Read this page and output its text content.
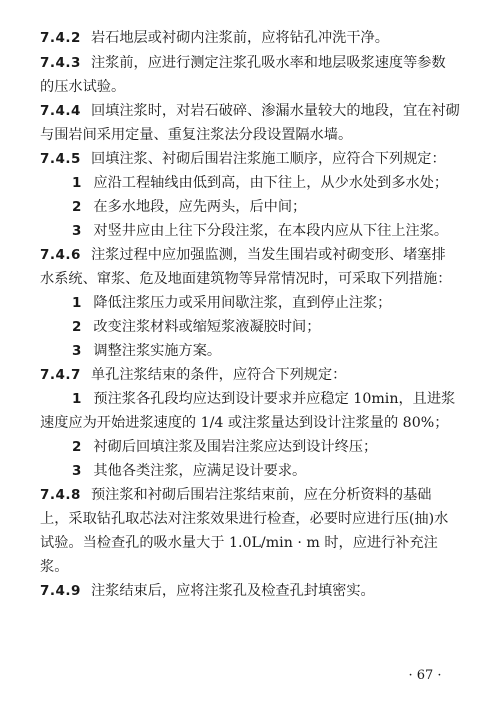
7.4.2 岩石地层或衬砌内注浆前，应将钻孔冲洗干净。
7.4.3 注浆前，应进行测定注浆孔吸水率和地层吸浆速度等参数
的压水试验。
7.4.4 回填注浆时，对岩石破碎、渗漏水量较大的地段，宜在衬砌
与围岩间采用定量、重复注浆法分段设置隔水墙。
7.4.5 回填注浆、衬砌后围岩注浆施工顺序，应符合下列规定：
1 应沿工程轴线由低到高，由下往上，从少水处到多水处；
2 在多水地段，应先两头，后中间；
3 对竖井应由上往下分段注浆，在本段内应从下往上注浆。
7.4.6 注浆过程中应加强监测，当发生围岩或衬砌变形、堵塞排
水系统、窜浆、危及地面建筑物等异常情况时，可采取下列措施：
1 降低注浆压力或采用间歇注浆，直到停止注浆；
2 改变注浆材料或缩短浆液凝胶时间；
3 调整注浆实施方案。
7.4.7 单孔注浆结束的条件，应符合下列规定：
1 预注浆各孔段均应达到设计要求并应稳定 10min，且进浆
速度应为开始进浆速度的 1/4 或注浆量达到设计注浆量的 80%；
2 衬砌后回填注浆及围岩注浆应达到设计终压；
3 其他各类注浆，应满足设计要求。
7.4.8 预注浆和衬砌后围岩注浆结束前，应在分析资料的基础
上，采取钻孔取芯法对注浆效果进行检查，必要时应进行压(抽)水
试验。当检查孔的吸水量大于 1.0L/min · m 时，应进行补充注
浆。
7.4.9 注浆结束后，应将注浆孔及检查孔封填密实。
· 67 ·
